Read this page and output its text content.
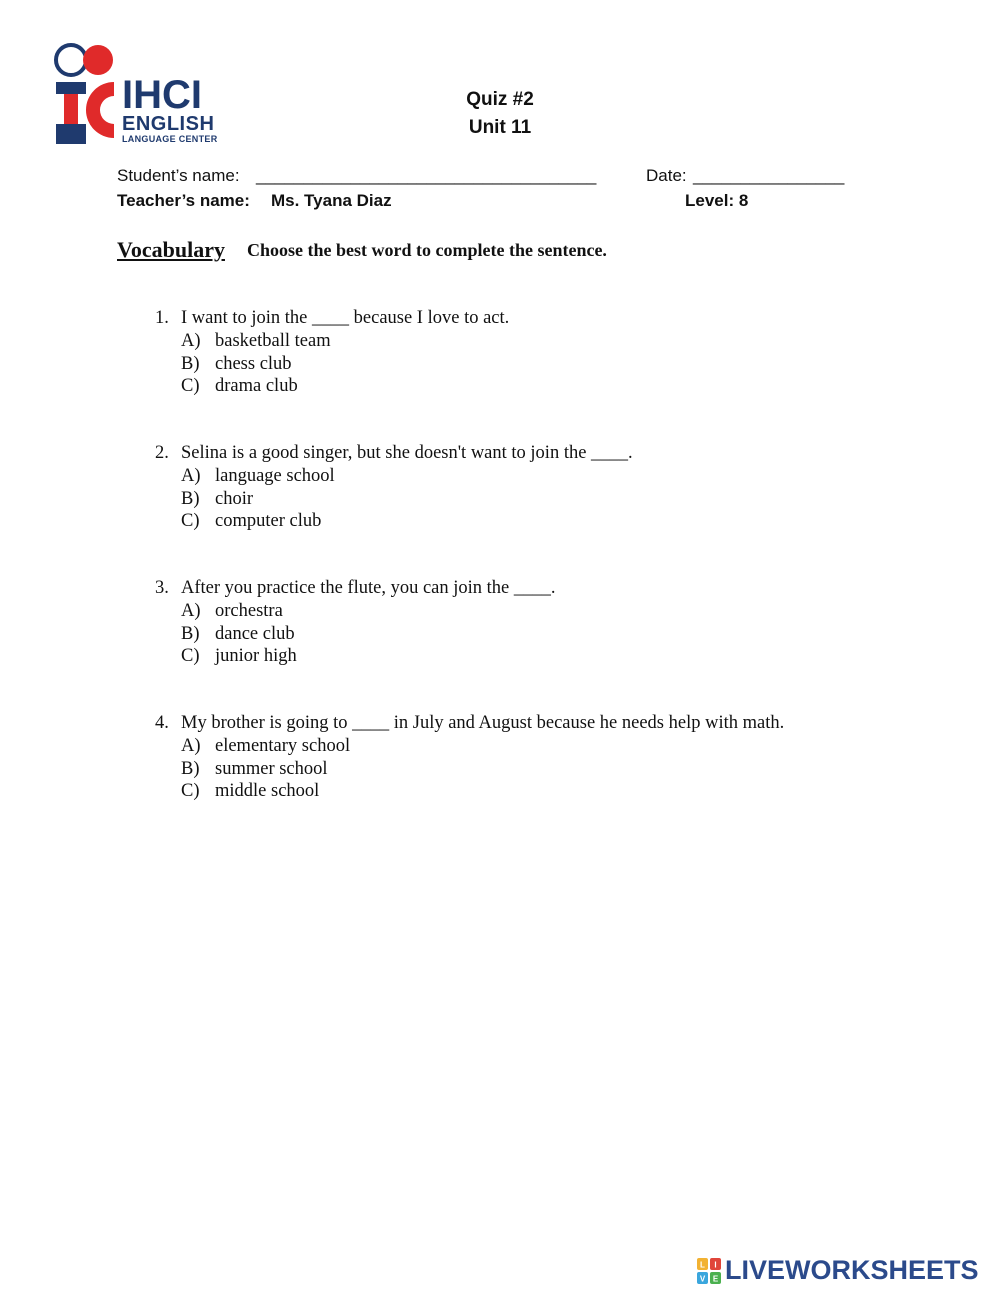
IHCI
ENGLISH
LANGUAGE CENTER
Quiz #2
Unit 11
Student’s name: ____________________________________	Date: ________________
Teacher’s name: Ms. Tyana Diaz	Level: 8
Vocabulary Choose the best word to complete the sentence.
1. I want to join the ____ because I love to act.
A) basketball team
B) chess club
C) drama club
2. Selina is a good singer, but she doesn't want to join the ____.
A) language school
B) choir
C) computer club
3. After you practice the flute, you can join the ____.
A) orchestra
B) dance club
C) junior high
4. My brother is going to ____ in July and August because he needs help with math.
A) elementary school
B) summer school
C) middle school
L I
V E LIVEWORKSHEETS
